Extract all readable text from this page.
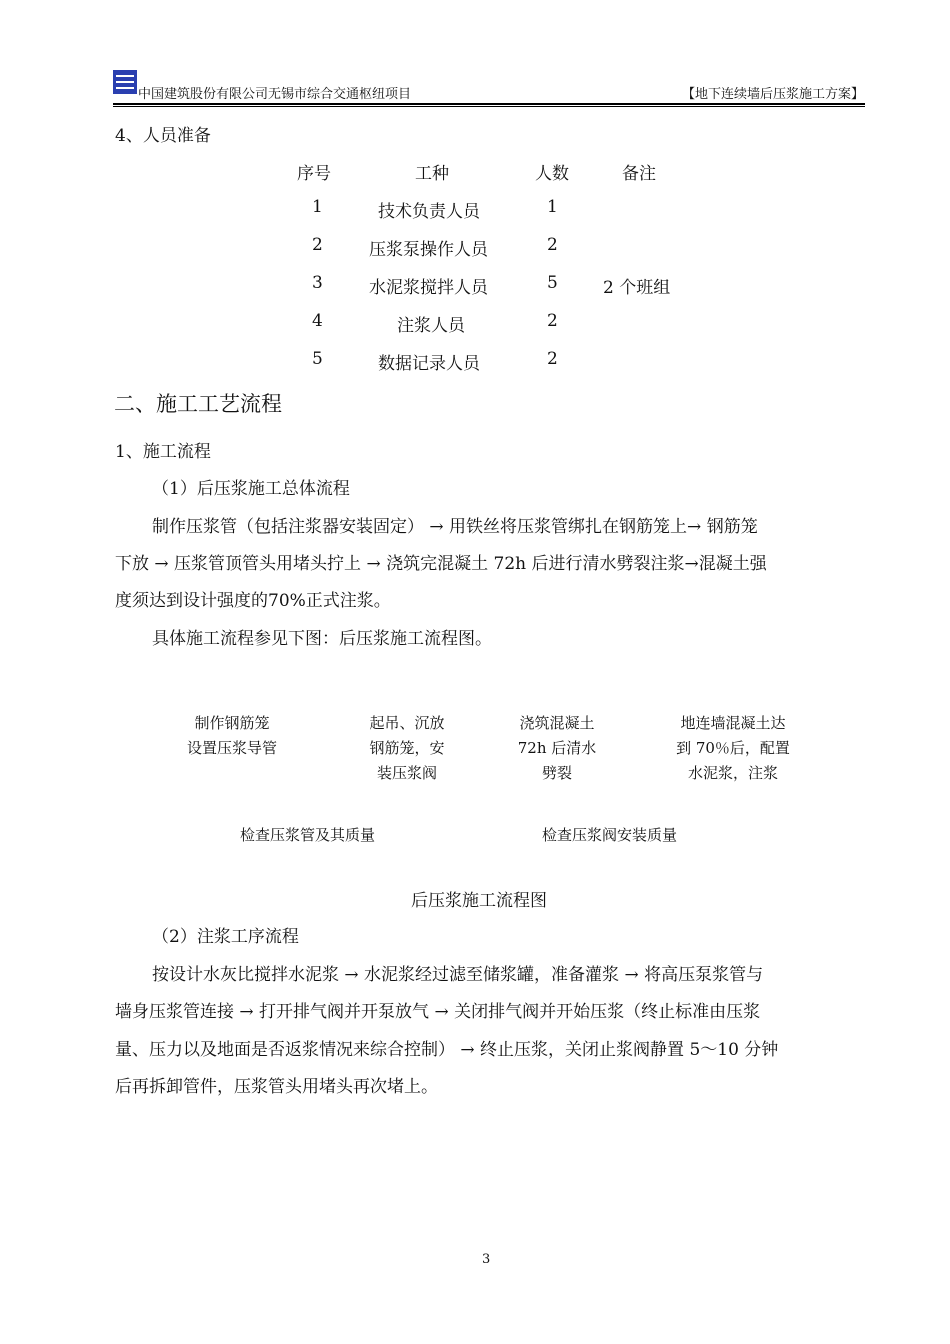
中国建筑股份有限公司无锡市综合交通枢纽项目	【地下连续墙后压浆施工方案】
4、人员准备
序号	工种	人数	备注
1	技术负责人员	1
2	压浆泵操作人员	2
3	水泥浆搅拌人员	5	2 个班组
4	注浆人员	2
5	数据记录人员	2
二、施工工艺流程
1、施工流程
（1）后压浆施工总体流程
制作压浆管（包括注浆器安装固定） → 用铁丝将压浆管绑扎在钢筋笼上→ 钢筋笼
下放 → 压浆管顶管头用堵头拧上 → 浇筑完混凝土 72h 后进行清水劈裂注浆→混凝土强
度须达到设计强度的70%正式注浆。
具体施工流程参见下图：后压浆施工流程图。
制作钢筋笼
设置压浆导管
起吊、沉放
钢筋笼，安
装压浆阀
浇筑混凝土
72h 后清水
劈裂
地连墙混凝土达
到 70％后，配置
水泥浆，注浆
检查压浆管及其质量	检查压浆阀安装质量
后压浆施工流程图
（2）注浆工序流程
按设计水灰比搅拌水泥浆 → 水泥浆经过滤至储浆罐，准备灌浆 → 将高压泵浆管与
墙身压浆管连接 → 打开排气阀并开泵放气 → 关闭排气阀并开始压浆（终止标准由压浆
量、压力以及地面是否返浆情况来综合控制） → 终止压浆，关闭止浆阀静置 5～10 分钟
后再拆卸管件，压浆管头用堵头再次堵上。
3
